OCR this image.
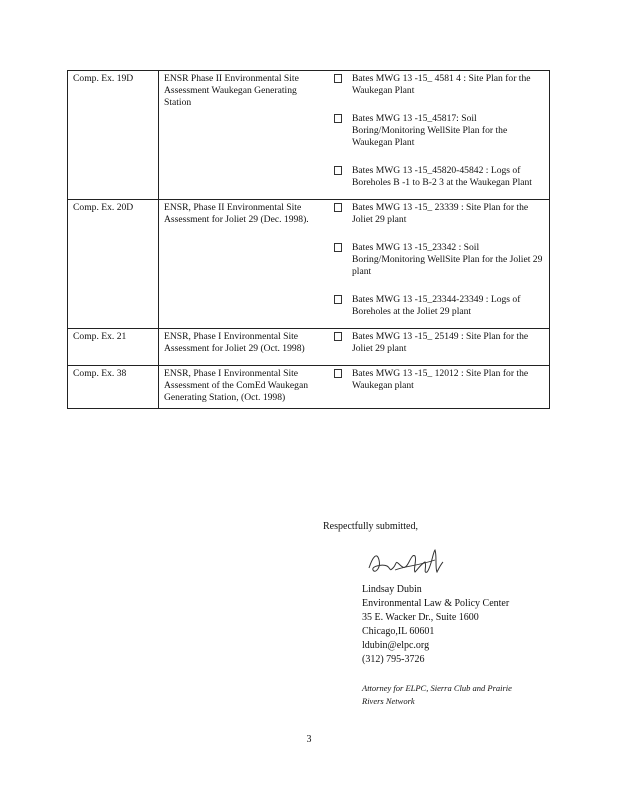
Comp. Ex. 19D	ENSR Phase II Environmental Site Assessment Waukegan Generating Station	Bates MWG 13 -15_ 4581 4 : Site Plan for the Waukegan Plant
Bates MWG 13 -15_45817: Soil Boring/Monitoring WellSite Plan for the Waukegan Plant
Bates MWG 13 -15_45820-45842 : Logs of Boreholes B -1 to B-2 3 at the Waukegan Plant

Comp. Ex. 20D	ENSR, Phase II Environmental Site Assessment for Joliet 29 (Dec. 1998).	Bates MWG 13 -15_ 23339 : Site Plan for the Joliet 29 plant
Bates MWG 13 -15_23342 : Soil Boring/Monitoring WellSite Plan for the Joliet 29 plant
Bates MWG 13 -15_23344-23349 : Logs of Boreholes at the Joliet 29 plant

Comp. Ex. 21	ENSR, Phase I Environmental Site Assessment for Joliet 29 (Oct. 1998)	Bates MWG 13 -15_ 25149 : Site Plan for the Joliet 29 plant

Comp. Ex. 38	ENSR, Phase I Environmental Site Assessment of the ComEd Waukegan Generating Station, (Oct. 1998)	Bates MWG 13 -15_ 12012 : Site Plan for the Waukegan plant
Respectfully submitted,
Lindsay Dubin
Environmental Law & Policy Center
35 E. Wacker Dr., Suite 1600
Chicago,IL 60601
ldubin@elpc.org
(312) 795-3726
Attorney for ELPC, Sierra Club and Prairie Rivers Network
3
